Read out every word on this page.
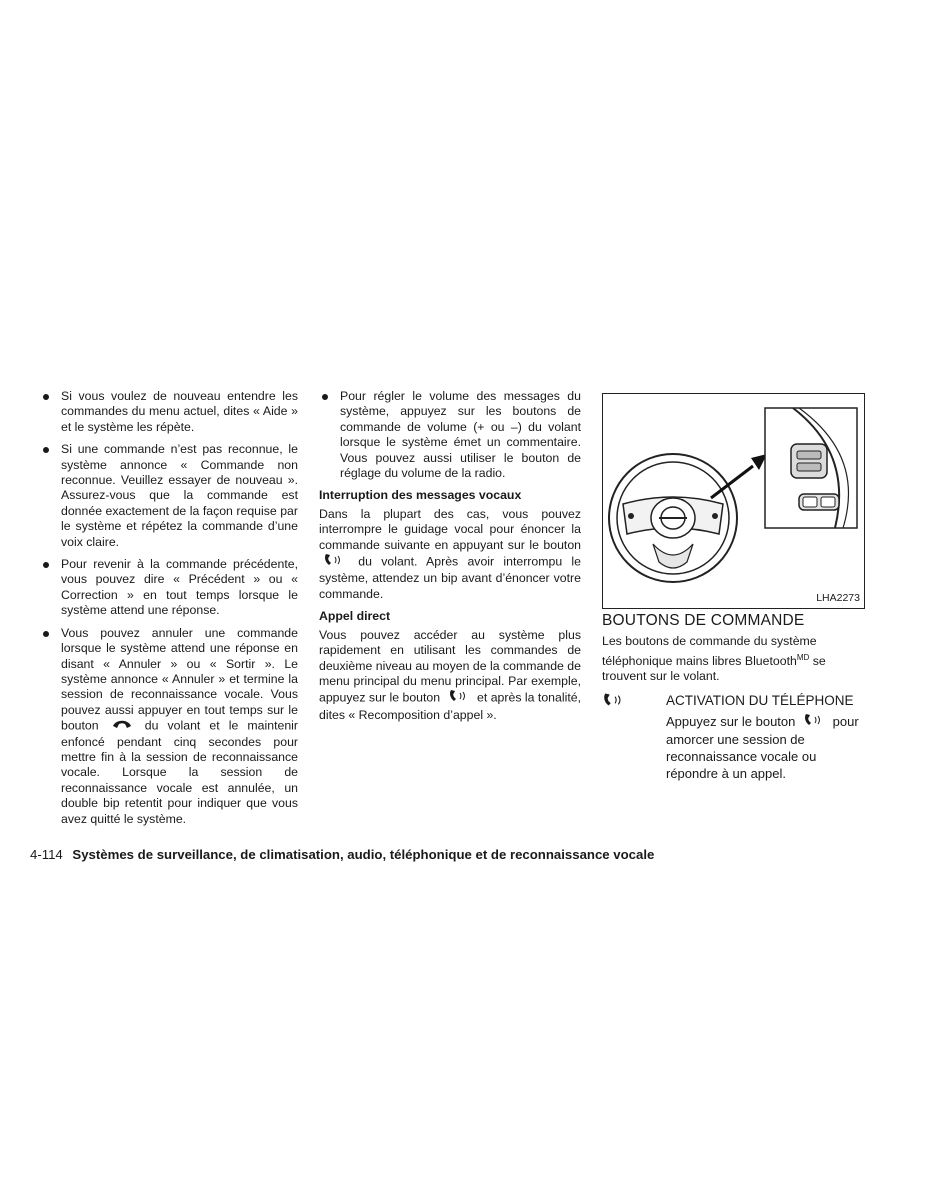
Si vous voulez de nouveau entendre les commandes du menu actuel, dites « Aide » et le système les répète.
Si une commande n’est pas reconnue, le système annonce « Commande non reconnue. Veuillez essayer de nouveau ». Assurez-vous que la commande est donnée exactement de la façon requise par le système et répétez la commande d’une voix claire.
Pour revenir à la commande précédente, vous pouvez dire « Précédent » ou « Correction » en tout temps lorsque le système attend une réponse.
Vous pouvez annuler une commande lorsque le système attend une réponse en disant « Annuler » ou « Sortir ». Le système annonce « Annuler » et termine la session de reconnaissance vocale. Vous pouvez aussi appuyer en tout temps sur le bouton	du volant et le maintenir enfoncé pendant cinq secondes pour mettre fin à la session de reconnaissance vocale. Lorsque la session de reconnaissance vocale est annulée, un double bip retentit pour indiquer que vous avez quitté le système.
Pour régler le volume des messages du système, appuyez sur les boutons de commande de volume (+ ou –) du volant lorsque le système émet un commentaire. Vous pouvez aussi utiliser le bouton de réglage du volume de la radio.
Interruption des messages vocaux

Dans la plupart des cas, vous pouvez interrompre le guidage vocal pour énoncer la commande suivante en appuyant sur le bouton  du volant. Après avoir interrompu le système, attendez un bip avant d’énoncer votre commande.

Appel direct

Vous pouvez accéder au système plus rapidement en utilisant les commandes de deuxième niveau au moyen de la commande de menu principal du menu principal. Par exemple, appuyez sur le bouton	et après la tonalité, dites « Recomposition d’appel ».

LHA2273
BOUTONS DE COMMANDE

Les boutons de commande du système téléphonique mains libres Bluetooth$^{MD}$ se trouvent sur le volant.

ACTIVATION DU TÉLÉPHONE
Appuyez sur le bouton	pour amorcer une session de reconnaissance vocale ou répondre à un appel.
4-114 Systèmes de surveillance, de climatisation, audio, téléphonique et de reconnaissance vocale
